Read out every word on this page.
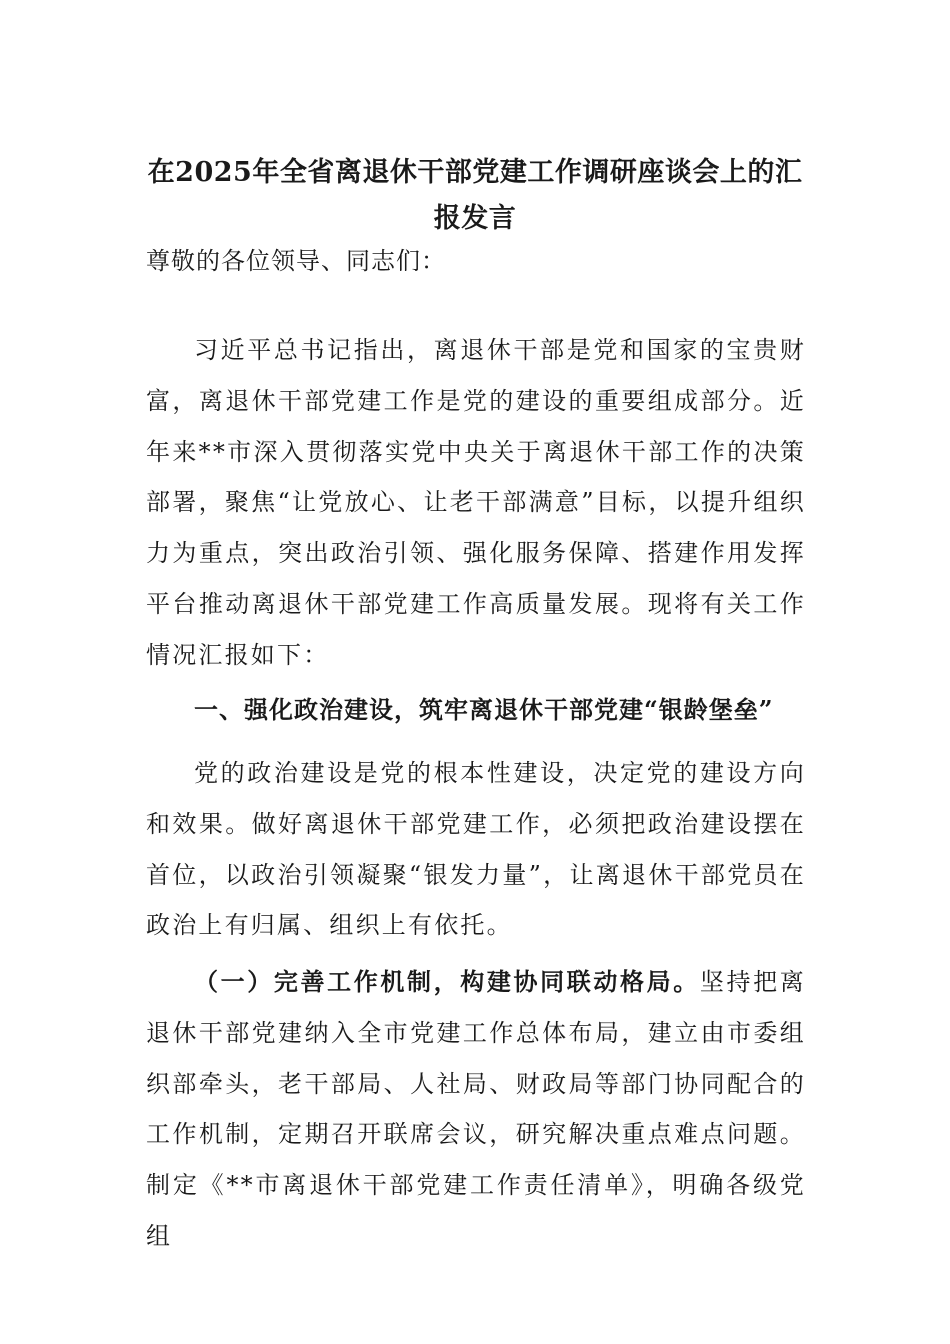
在2025年全省离退休干部党建工作调研座谈会上的汇报发言
尊敬的各位领导、同志们：

习近平总书记指出，离退休干部是党和国家的宝贵财富，离退休干部党建工作是党的建设的重要组成部分。近年来**市深入贯彻落实党中央关于离退休干部工作的决策部署，聚焦“让党放心、让老干部满意”目标，以提升组织力为重点，突出政治引领、强化服务保障、搭建作用发挥平台推动离退休干部党建工作高质量发展。现将有关工作情况汇报如下：

一、强化政治建设，筑牢离退休干部党建“银龄堡垒”

党的政治建设是党的根本性建设，决定党的建设方向和效果。做好离退休干部党建工作，必须把政治建设摆在首位，以政治引领凝聚“银发力量”，让离退休干部党员在政治上有归属、组织上有依托。

（一）完善工作机制，构建协同联动格局。坚持把离退休干部党建纳入全市党建工作总体布局，建立由市委组织部牵头，老干部局、人社局、财政局等部门协同配合的工作机制，定期召开联席会议，研究解决重点难点问题。制定《**市离退休干部党建工作责任清单》，明确各级党组
